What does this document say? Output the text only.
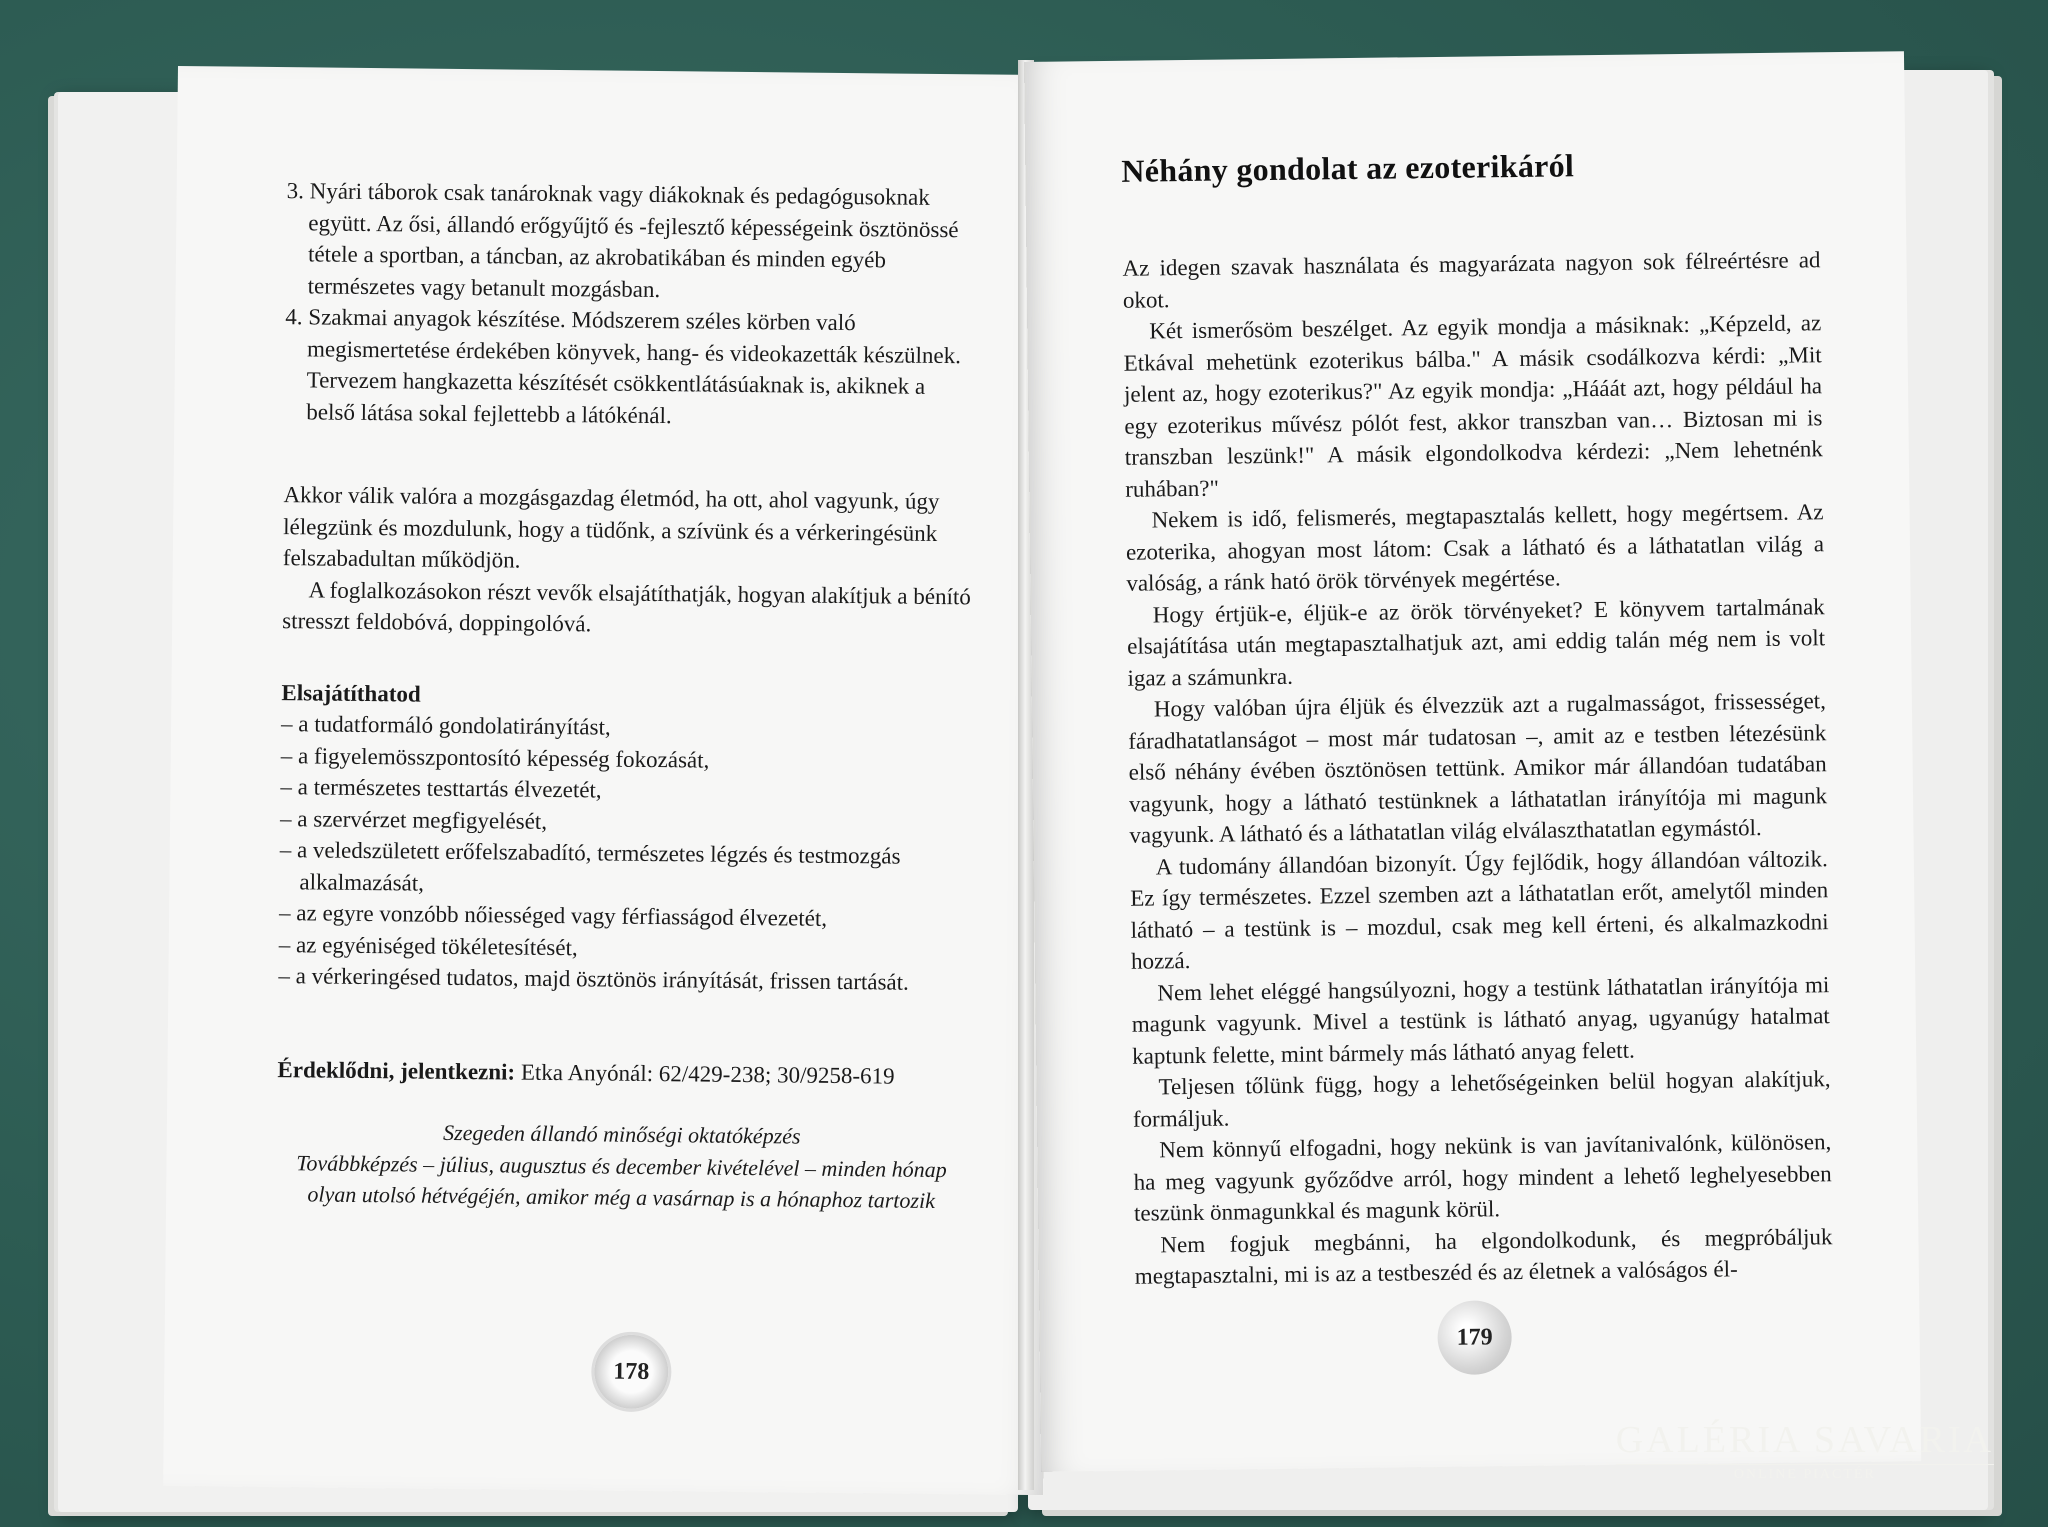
3. Nyári táborok csak tanároknak vagy diákoknak és pedagógusoknak együtt. Az ősi, állandó erőgyűjtő és -fejlesztő képességeink ösztönössé tétele a sportban, a táncban, az akrobatikában és minden egyéb természetes vagy betanult mozgásban.

4. Szakmai anyagok készítése. Módszerem széles körben való megismertetése érdekében könyvek, hang- és videokazetták készülnek. Tervezem hangkazetta készítését csökkentlátásúaknak is, akiknek a belső látása sokal fejlettebb a látókénál.

Akkor válik valóra a mozgásgazdag életmód, ha ott, ahol vagyunk, úgy lélegzünk és mozdulunk, hogy a tüdőnk, a szívünk és a vérkeringésünk felszabadultan működjön.

A foglalkozásokon részt vevők elsajátíthatják, hogyan alakítjuk a bénító stresszt feldobóvá, doppingolóvá.

Elsajátíthatod

– a tudatformáló gondolatirányítást,
– a figyelemösszpontosító képesség fokozását,
– a természetes testtartás élvezetét,
– a szervérzet megfigyelését,
– a veledszületett erőfelszabadító, természetes légzés és testmozgás alkalmazását,
– az egyre vonzóbb nőiességed vagy férfiasságod élvezetét,
– az egyéniséged tökéletesítését,
– a vérkeringésed tudatos, majd ösztönös irányítását, frissen tartását.

Érdeklődni, jelentkezni: Etka Anyónál: 62/429-238; 30/9258-619

Szegeden állandó minőségi oktatóképzés
Továbbképzés – július, augusztus és december kivételével – minden hónap
olyan utolsó hétvégéjén, amikor még a vasárnap is a hónaphoz tartozik
178
Néhány gondolat az ezoterikáról

Az idegen szavak használata és magyarázata nagyon sok félreértésre ad okot.

Két ismerősöm beszélget. Az egyik mondja a másiknak: „Képzeld, az Etkával mehetünk ezoterikus bálba." A másik csodálkozva kérdi: „Mit jelent az, hogy ezoterikus?" Az egyik mondja: „Hááát azt, hogy például ha egy ezoterikus művész pólót fest, akkor transzban van… Biztosan mi is transzban leszünk!" A másik elgondolkodva kérdezi: „Nem lehetnénk ruhában?"

Nekem is idő, felismerés, megtapasztalás kellett, hogy megértsem. Az ezoterika, ahogyan most látom: Csak a látható és a láthatatlan világ a valóság, a ránk ható örök törvények megértése.

Hogy értjük-e, éljük-e az örök törvényeket? E könyvem tartalmának elsajátítása után megtapasztalhatjuk azt, ami eddig talán még nem is volt igaz a számunkra.

Hogy valóban újra éljük és élvezzük azt a rugalmasságot, frissességet, fáradhatatlanságot – most már tudatosan –, amit az e testben létezésünk első néhány évében ösztönösen tettünk. Amikor már állandóan tudatában vagyunk, hogy a látható testünknek a láthatatlan irányítója mi magunk vagyunk. A látható és a láthatatlan világ elválaszthatatlan egymástól.

A tudomány állandóan bizonyít. Úgy fejlődik, hogy állandóan változik. Ez így természetes. Ezzel szemben azt a láthatatlan erőt, amelytől minden látható – a testünk is – mozdul, csak meg kell érteni, és alkalmazkodni hozzá.

Nem lehet eléggé hangsúlyozni, hogy a testünk láthatatlan irányítója mi magunk vagyunk. Mivel a testünk is látható anyag, ugyanúgy hatalmat kaptunk felette, mint bármely más látható anyag felett.

Teljesen tőlünk függ, hogy a lehetőségeinken belül hogyan alakítjuk, formáljuk.

Nem könnyű elfogadni, hogy nekünk is van javítanivalónk, különösen, ha meg vagyunk győződve arról, hogy mindent a lehető leghelyesebben teszünk önmagunkkal és magunk körül.

Nem fogjuk megbánni, ha elgondolkodunk, és megpróbáljuk megtapasztalni, mi is az a testbeszéd és az életnek a valóságos él-

179
GALÉRIA SAVARIA
ONLINE PIACTÉR
